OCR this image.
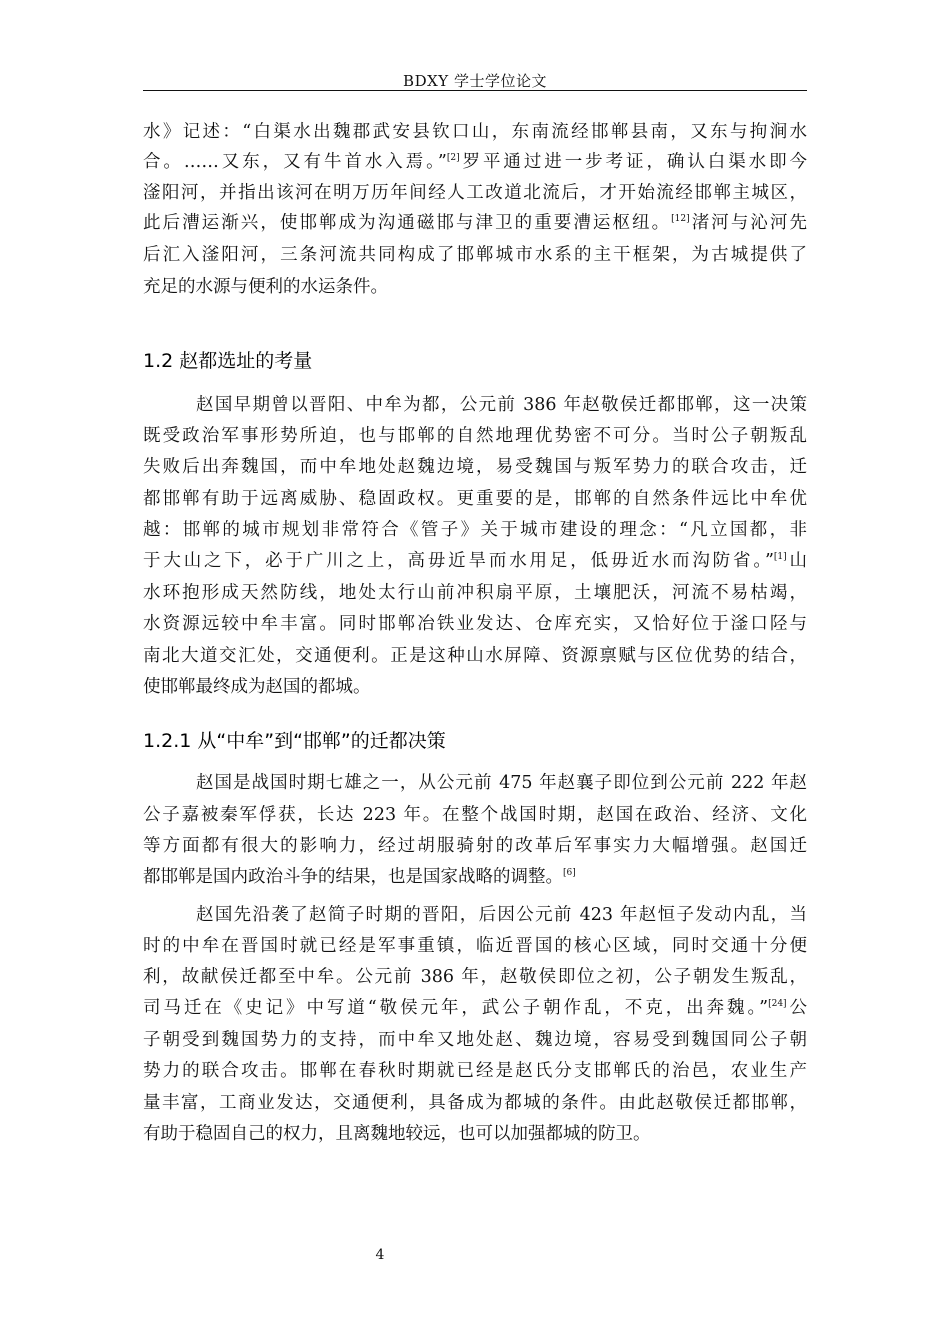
BDXY 学士学位论文
水》记述：“白渠水出魏郡武安县钦口山，东南流经邯郸县南，又东与拘涧水
合。……又东，又有牛首水入焉。”[2]罗平通过进一步考证，确认白渠水即今
滏阳河，并指出该河在明万历年间经人工改道北流后，才开始流经邯郸主城区，
此后漕运渐兴，使邯郸成为沟通磁邯与津卫的重要漕运枢纽。[12]渚河与沁河先
后汇入滏阳河，三条河流共同构成了邯郸城市水系的主干框架，为古城提供了
充足的水源与便利的水运条件。
1.2 赵都选址的考量
赵国早期曾以晋阳、中牟为都，公元前 386 年赵敬侯迁都邯郸，这一决策
既受政治军事形势所迫，也与邯郸的自然地理优势密不可分。当时公子朝叛乱
失败后出奔魏国，而中牟地处赵魏边境，易受魏国与叛军势力的联合攻击，迁
都邯郸有助于远离威胁、稳固政权。更重要的是，邯郸的自然条件远比中牟优
越：邯郸的城市规划非常符合《管子》关于城市建设的理念：“凡立国都，非
于大山之下，必于广川之上，高毋近旱而水用足，低毋近水而沟防省。”[1]山
水环抱形成天然防线，地处太行山前冲积扇平原，土壤肥沃，河流不易枯竭，
水资源远较中牟丰富。同时邯郸冶铁业发达、仓库充实，又恰好位于滏口陉与
南北大道交汇处，交通便利。正是这种山水屏障、资源禀赋与区位优势的结合，
使邯郸最终成为赵国的都城。
1.2.1 从“中牟”到“邯郸”的迁都决策
赵国是战国时期七雄之一，从公元前 475 年赵襄子即位到公元前 222 年赵
公子嘉被秦军俘获，长达 223 年。在整个战国时期，赵国在政治、经济、文化
等方面都有很大的影响力，经过胡服骑射的改革后军事实力大幅增强。赵国迁
都邯郸是国内政治斗争的结果，也是国家战略的调整。[6]
赵国先沿袭了赵简子时期的晋阳，后因公元前 423 年赵恒子发动内乱，当
时的中牟在晋国时就已经是军事重镇，临近晋国的核心区域，同时交通十分便
利，故献侯迁都至中牟。公元前 386 年，赵敬侯即位之初，公子朝发生叛乱，
司马迁在《史记》中写道“敬侯元年，武公子朝作乱，不克，出奔魏。”[24]公
子朝受到魏国势力的支持，而中牟又地处赵、魏边境，容易受到魏国同公子朝
势力的联合攻击。邯郸在春秋时期就已经是赵氏分支邯郸氏的治邑，农业生产
量丰富，工商业发达，交通便利，具备成为都城的条件。由此赵敬侯迁都邯郸，
有助于稳固自己的权力，且离魏地较远，也可以加强都城的防卫。
4
